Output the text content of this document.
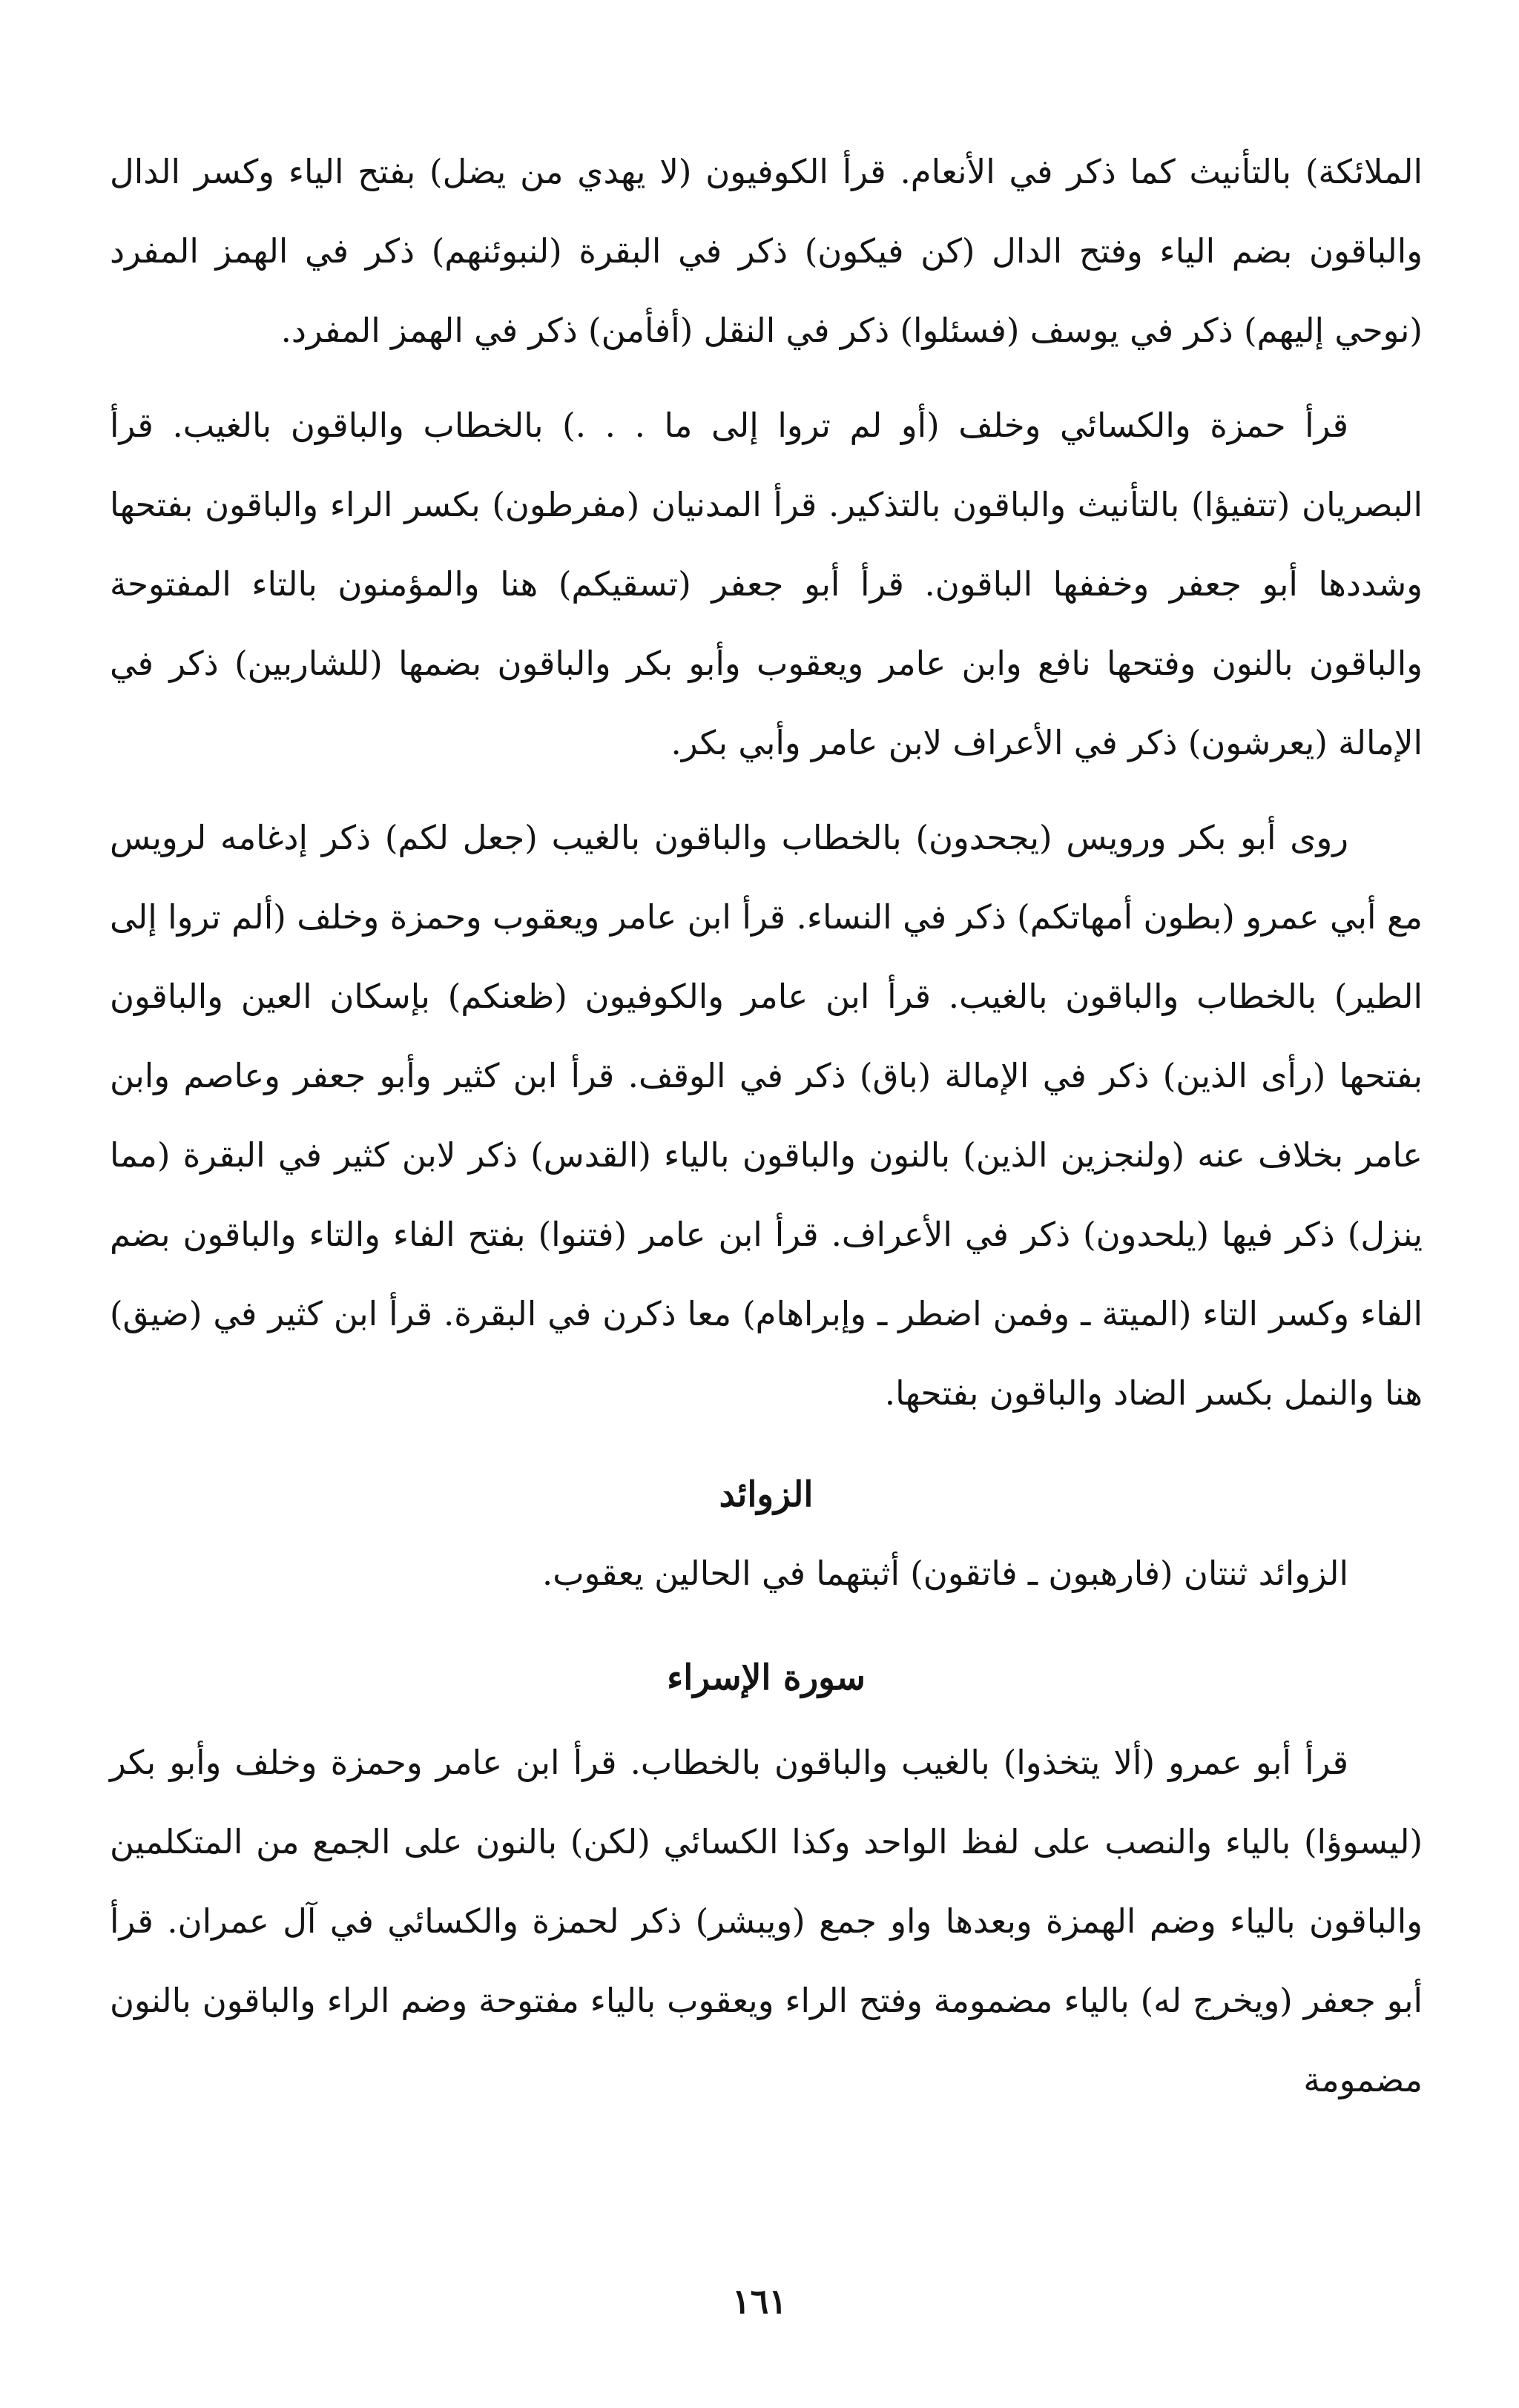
الملائكة) بالتأنيث كما ذكر في الأنعام. قرأ الكوفيون (لا يهدي من يضل) بفتح الياء وكسر الدال والباقون بضم الياء وفتح الدال (كن فيكون) ذكر في البقرة (لنبوئنهم) ذكر في الهمز المفرد (نوحي إليهم) ذكر في يوسف (فسئلوا) ذكر في النقل (أفأمن) ذكر في الهمز المفرد.

قرأ حمزة والكسائي وخلف (أو لم تروا إلى ما . . .) بالخطاب والباقون بالغيب. قرأ البصريان (تتفيؤا) بالتأنيث والباقون بالتذكير. قرأ المدنيان (مفرطون) بكسر الراء والباقون بفتحها وشددها أبو جعفر وخففها الباقون. قرأ أبو جعفر (تسقيكم) هنا والمؤمنون بالتاء المفتوحة والباقون بالنون وفتحها نافع وابن عامر ويعقوب وأبو بكر والباقون بضمها (للشاربين) ذكر في الإمالة (يعرشون) ذكر في الأعراف لابن عامر وأبي بكر.

روى أبو بكر ورويس (يجحدون) بالخطاب والباقون بالغيب (جعل لكم) ذكر إدغامه لرويس مع أبي عمرو (بطون أمهاتكم) ذكر في النساء. قرأ ابن عامر ويعقوب وحمزة وخلف (ألم تروا إلى الطير) بالخطاب والباقون بالغيب. قرأ ابن عامر والكوفيون (ظعنكم) بإسكان العين والباقون بفتحها (رأى الذين) ذكر في الإمالة (باق) ذكر في الوقف. قرأ ابن كثير وأبو جعفر وعاصم وابن عامر بخلاف عنه (ولنجزين الذين) بالنون والباقون بالياء (القدس) ذكر لابن كثير في البقرة (مما ينزل) ذكر فيها (يلحدون) ذكر في الأعراف. قرأ ابن عامر (فتنوا) بفتح الفاء والتاء والباقون بضم الفاء وكسر التاء (الميتة ـ وفمن اضطر ـ وإبراهام) معا ذكرن في البقرة. قرأ ابن كثير في (ضيق) هنا والنمل بكسر الضاد والباقون بفتحها.

الزوائد

الزوائد ثنتان (فارهبون ـ فاتقون) أثبتهما في الحالين يعقوب.

سورة الإسراء

قرأ أبو عمرو (ألا يتخذوا) بالغيب والباقون بالخطاب. قرأ ابن عامر وحمزة وخلف وأبو بكر (ليسوؤا) بالياء والنصب على لفظ الواحد وكذا الكسائي (لكن) بالنون على الجمع من المتكلمين والباقون بالياء وضم الهمزة وبعدها واو جمع (ويبشر) ذكر لحمزة والكسائي في آل عمران. قرأ أبو جعفر (ويخرج له) بالياء مضمومة وفتح الراء ويعقوب بالياء مفتوحة وضم الراء والباقون بالنون مضمومة

١٦١
